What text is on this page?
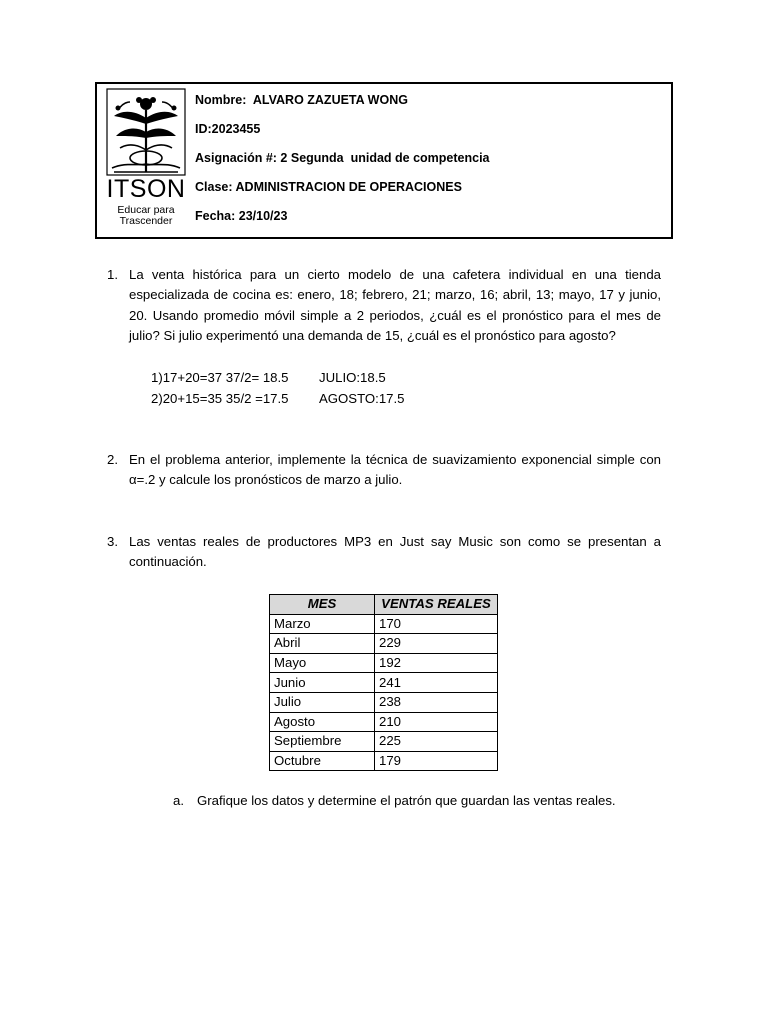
ITSON
Educar para
Trascender
Nombre:  ALVARO ZAZUETA WONG
ID:2023455
Asignación #: 2 Segunda  unidad de competencia
Clase: ADMINISTRACION DE OPERACIONES
Fecha: 23/10/23
1. La venta histórica para un cierto modelo de una cafetera individual en una tienda especializada de cocina es: enero, 18; febrero, 21; marzo, 16; abril, 13; mayo, 17 y junio, 20. Usando promedio móvil simple a 2 periodos, ¿cuál es el pronóstico para el mes de julio? Si julio experimentó una demanda de 15, ¿cuál es el pronóstico para agosto?
1)17+20=37 37/2= 18.5 JULIO:18.5
2)20+15=35 35/2 =17.5 AGOSTO:17.5
2. En el problema anterior, implemente la técnica de suavizamiento exponencial simple con α=.2 y calcule los pronósticos de marzo a julio.
3. Las ventas reales de productores MP3 en Just say Music son como se presentan a continuación.
MES	VENTAS REALES
Marzo	170
Abril	229
Mayo	192
Junio	241
Julio	238
Agosto	210
Septiembre	225
Octubre	179
a. Grafique los datos y determine el patrón que guardan las ventas reales.
